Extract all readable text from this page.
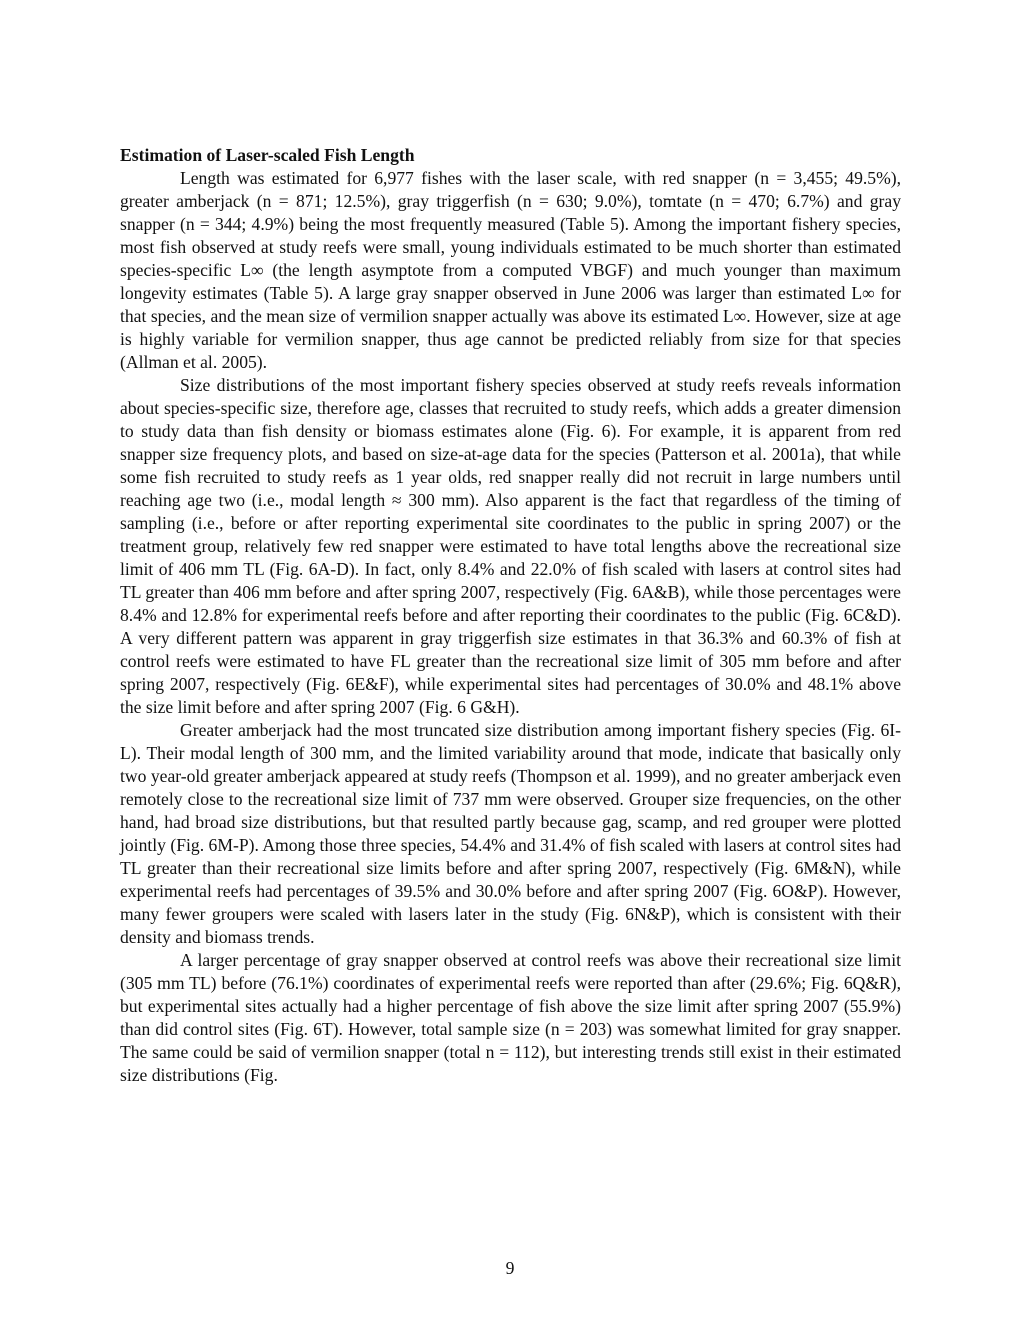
Estimation of Laser-scaled Fish Length

Length was estimated for 6,977 fishes with the laser scale, with red snapper (n = 3,455; 49.5%), greater amberjack (n = 871; 12.5%), gray triggerfish (n = 630; 9.0%), tomtate (n = 470; 6.7%) and gray snapper (n = 344; 4.9%) being the most frequently measured (Table 5). Among the important fishery species, most fish observed at study reefs were small, young individuals estimated to be much shorter than estimated species-specific L∞ (the length asymptote from a computed VBGF) and much younger than maximum longevity estimates (Table 5). A large gray snapper observed in June 2006 was larger than estimated L∞ for that species, and the mean size of vermilion snapper actually was above its estimated L∞. However, size at age is highly variable for vermilion snapper, thus age cannot be predicted reliably from size for that species (Allman et al. 2005).

Size distributions of the most important fishery species observed at study reefs reveals information about species-specific size, therefore age, classes that recruited to study reefs, which adds a greater dimension to study data than fish density or biomass estimates alone (Fig. 6). For example, it is apparent from red snapper size frequency plots, and based on size-at-age data for the species (Patterson et al. 2001a), that while some fish recruited to study reefs as 1 year olds, red snapper really did not recruit in large numbers until reaching age two (i.e., modal length ≈ 300 mm). Also apparent is the fact that regardless of the timing of sampling (i.e., before or after reporting experimental site coordinates to the public in spring 2007) or the treatment group, relatively few red snapper were estimated to have total lengths above the recreational size limit of 406 mm TL (Fig. 6A-D). In fact, only 8.4% and 22.0% of fish scaled with lasers at control sites had TL greater than 406 mm before and after spring 2007, respectively (Fig. 6A&B), while those percentages were 8.4% and 12.8% for experimental reefs before and after reporting their coordinates to the public (Fig. 6C&D). A very different pattern was apparent in gray triggerfish size estimates in that 36.3% and 60.3% of fish at control reefs were estimated to have FL greater than the recreational size limit of 305 mm before and after spring 2007, respectively (Fig. 6E&F), while experimental sites had percentages of 30.0% and 48.1% above the size limit before and after spring 2007 (Fig. 6 G&H).

Greater amberjack had the most truncated size distribution among important fishery species (Fig. 6I-L). Their modal length of 300 mm, and the limited variability around that mode, indicate that basically only two year-old greater amberjack appeared at study reefs (Thompson et al. 1999), and no greater amberjack even remotely close to the recreational size limit of 737 mm were observed. Grouper size frequencies, on the other hand, had broad size distributions, but that resulted partly because gag, scamp, and red grouper were plotted jointly (Fig. 6M-P). Among those three species, 54.4% and 31.4% of fish scaled with lasers at control sites had TL greater than their recreational size limits before and after spring 2007, respectively (Fig. 6M&N), while experimental reefs had percentages of 39.5% and 30.0% before and after spring 2007 (Fig. 6O&P). However, many fewer groupers were scaled with lasers later in the study (Fig. 6N&P), which is consistent with their density and biomass trends.

A larger percentage of gray snapper observed at control reefs was above their recreational size limit (305 mm TL) before (76.1%) coordinates of experimental reefs were reported than after (29.6%; Fig. 6Q&R), but experimental sites actually had a higher percentage of fish above the size limit after spring 2007 (55.9%) than did control sites (Fig. 6T). However, total sample size (n = 203) was somewhat limited for gray snapper. The same could be said of vermilion snapper (total n = 112), but interesting trends still exist in their estimated size distributions (Fig.

9
